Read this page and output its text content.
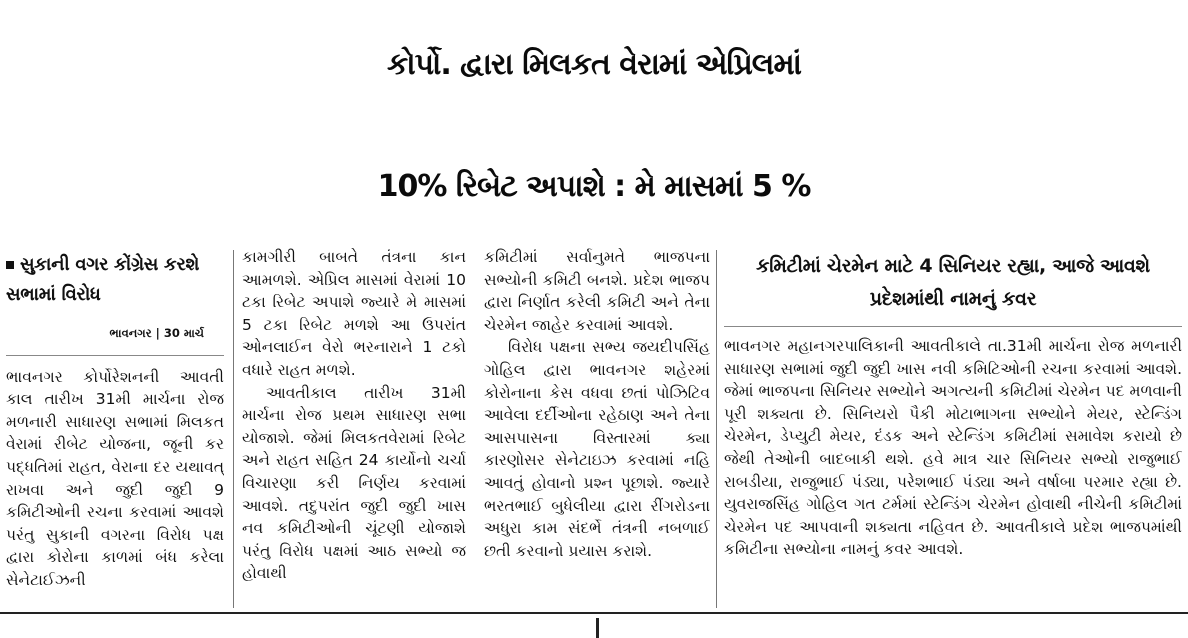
કોર્પો. દ્વારા મિલકત વેરામાં એપ્રિલમાં
10% રિબેટ અપાશે : મે માસમાં 5 %
સુકાની વગર કોંગ્રેસ કરશે સભામાં વિરોધ
ભાવનગર | 30 માર્ચ

ભાવનગર કોર્પોરેશનની આવતી કાલ તારીખ 31મી માર્ચના રોજ મળનારી સાધારણ સભામાં મિલકત વેરામાં રીબેટ યોજના, જૂની કર પદ્ધતિમાં રાહત, વેરાના દર યથાવત્ રાખવા અને જુદી જુદી 9 કમિટીઓની રચના કરવામાં આવશે પરંતુ સુકાની વગરના વિરોધ પક્ષ દ્વારા કોરોના કાળમાં બંધ કરેલા સેનેટાઈઝની

કામગીરી બાબતે તંત્રના કાન આમળશે. એપ્રિલ માસમાં વેરામાં 10 ટકા રિબેટ અપાશે જ્યારે મે માસમાં 5 ટકા રિબેટ મળશે આ ઉપરાંત ઓનલાઈન વેરો ભરનારાને 1 ટકો વધારે રાહત મળશે.

આવતીકાલ તારીખ 31મી માર્ચના રોજ પ્રથમ સાધારણ સભા યોજાશે. જેમાં મિલકતવેરામાં રિબેટ અને રાહત સહિત 24 કાર્યોનો ચર્ચા વિચારણા કરી નિર્ણય કરવામાં આવશે. તદુપરાંત જુદી જુદી ખાસ નવ કમિટીઓની ચૂંટણી યોજાશે પરંતુ વિરોધ પક્ષમાં આઠ સભ્યો જ હોવાથી

કમિટીમાં સર્વાનુમતે ભાજપના સભ્યોની કમિટી બનશે. પ્રદેશ ભાજપ દ્વારા નિર્ણાત કરેલી કમિટી અને તેના ચેરમેન જાહેર કરવામાં આવશે.

વિરોધ પક્ષના સભ્ય જયદીપસિંહ ગોહિલ દ્વારા ભાવનગર શહેરમાં કોરોનાના કેસ વધવા છતાં પોઝિટિવ આવેલા દર્દીઓના રહેઠાણ અને તેના આસપાસના વિસ્તારમાં ક્યા કારણોસર સેનેટાઇઝ કરવામાં નહિ આવતું હોવાનો પ્રશ્ન પૂછાશે. જ્યારે ભરતભાઈ બુધેલીયા દ્વારા રીંગરોડના અધુરા કામ સંદર્ભે તંત્રની નબળાઈ છતી કરવાનો પ્રયાસ કરાશે.

કમિટીમાં ચેરમેન માટે 4 સિનિયર રહ્યા, આજે આવશે પ્રદેશમાંથી નામનું કવર

ભાવનગર મહાનગરપાલિકાની આવતીકાલે તા.31મી માર્ચના રોજ મળનારી સાધારણ સભામાં જુદી જુદી ખાસ નવી કમિટિઓની રચના કરવામાં આવશે. જેમાં ભાજપના સિનિયર સભ્યોને અગત્યની કમિટીમાં ચેરમેન પદ મળવાની પૂરી શક્યતા છે. સિનિયરો પૈકી મોટાભાગના સભ્યોને મેયર, સ્ટેન્ડિંગ ચેરમેન, ડેપ્યુટી મેયર, દંડક અને સ્ટેન્ડિંગ કમિટીમાં સમાવેશ કરાયો છે જેથી તેઓની બાદબાકી થશે. હવે માત્ર ચાર સિનિયર સભ્યો રાજુભાઈ રાબડીયા, રાજુભાઈ પંડ્યા, પરેશભાઈ પંડ્યા અને વર્ષાબા પરમાર રહ્યા છે. યુવરાજસિંહ ગોહિલ ગત ટર્મમાં સ્ટેન્ડિંગ ચેરમેન હોવાથી નીચેની કમિટીમાં ચેરમેન પદ આપવાની શક્યતા નહિવત છે. આવતીકાલે પ્રદેશ ભાજપમાંથી કમિટીના સભ્યોના નામનું કવર આવશે.
